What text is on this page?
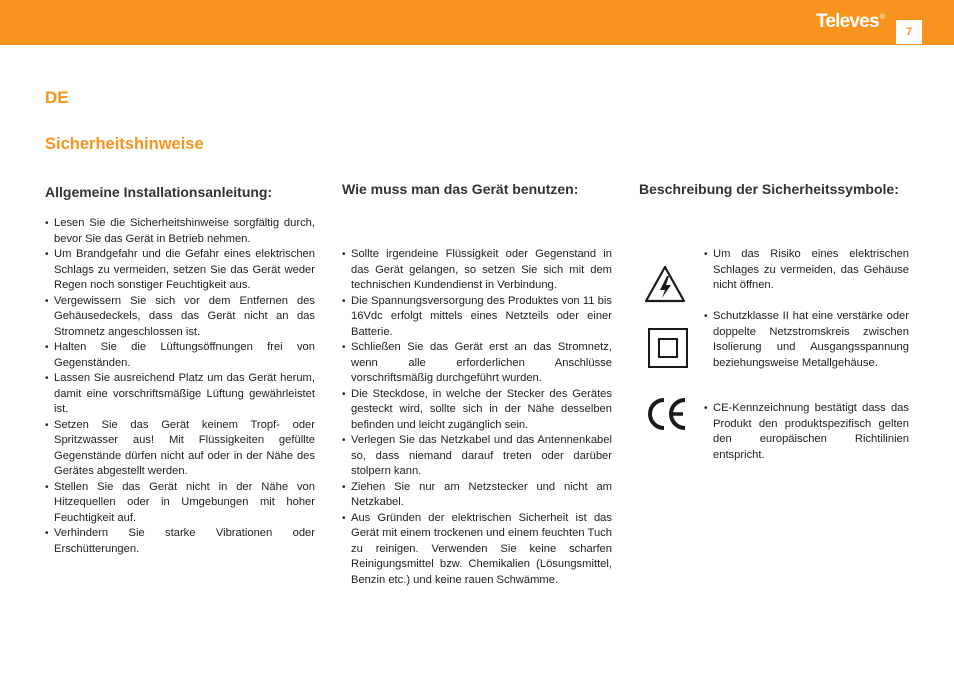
Televes®
7
DE
Sicherheitshinweise
Allgemeine Installationsanleitung:
• Lesen Sie die Sicherheitshinweise sorgfältig durch, bevor Sie das Gerät in Betrieb nehmen.
• Um Brandgefahr und die Gefahr eines elektrischen Schlags zu vermeiden, setzen Sie das Gerät weder Regen noch sonstiger Feuchtigkeit aus.
• Vergewissern Sie sich vor dem Entfernen des Gehäusedeckels, dass das Gerät nicht an das Stromnetz angeschlossen ist.
• Halten Sie die Lüftungsöffnungen frei von Gegenständen.
• Lassen Sie ausreichend Platz um das Gerät herum, damit eine vorschriftsmäßige Lüftung gewährleistet ist.
• Setzen Sie das Gerät keinem Tropf- oder Spritzwasser aus! Mit Flüssigkeiten gefüllte Gegenstände dürfen nicht auf oder in der Nähe des Gerätes abgestellt werden.
• Stellen Sie das Gerät nicht in der Nähe von Hitzequellen oder in Umgebungen mit hoher Feuchtigkeit auf.
• Verhindern Sie starke Vibrationen oder Erschütterungen.
Wie muss man das Gerät benutzen:
• Sollte irgendeine Flüssigkeit oder Gegenstand in das Gerät gelangen, so setzen Sie sich mit dem technischen Kundendienst in Verbindung.
• Die Spannungsversorgung des Produktes von 11 bis 16Vdc erfolgt mittels eines Netzteils oder einer Batterie.
• Schließen Sie das Gerät erst an das Stromnetz, wenn alle erforderlichen Anschlüsse vorschriftsmäßig durchgeführt wurden.
• Die Steckdose, in welche der Stecker des Gerätes gesteckt wird, sollte sich in der Nähe desselben befinden und leicht zugänglich sein.
• Verlegen Sie das Netzkabel und das Antennenkabel so, dass niemand darauf treten oder darüber stolpern kann.
• Ziehen Sie nur am Netzstecker und nicht am Netzkabel.
• Aus Gründen der elektrischen Sicherheit ist das Gerät mit einem trockenen und einem feuchten Tuch zu reinigen. Verwenden Sie keine scharfen Reinigungsmittel bzw. Chemikalien (Lösungsmittel, Benzin etc.) und keine rauen Schwämme.
Beschreibung der Sicherheitssymbole:
• Um das Risiko eines elektrischen Schlages zu vermeiden, das Gehäuse nicht öffnen.
• Schutzklasse II hat eine verstärke oder doppelte Netzstromskreis zwischen Isolierung und Ausgangsspannung beziehungsweise Metallgehäuse.
• CE-Kennzeichnung bestätigt dass das Produkt den produktspezifisch gelten den europäischen Richtilinien entspricht.
